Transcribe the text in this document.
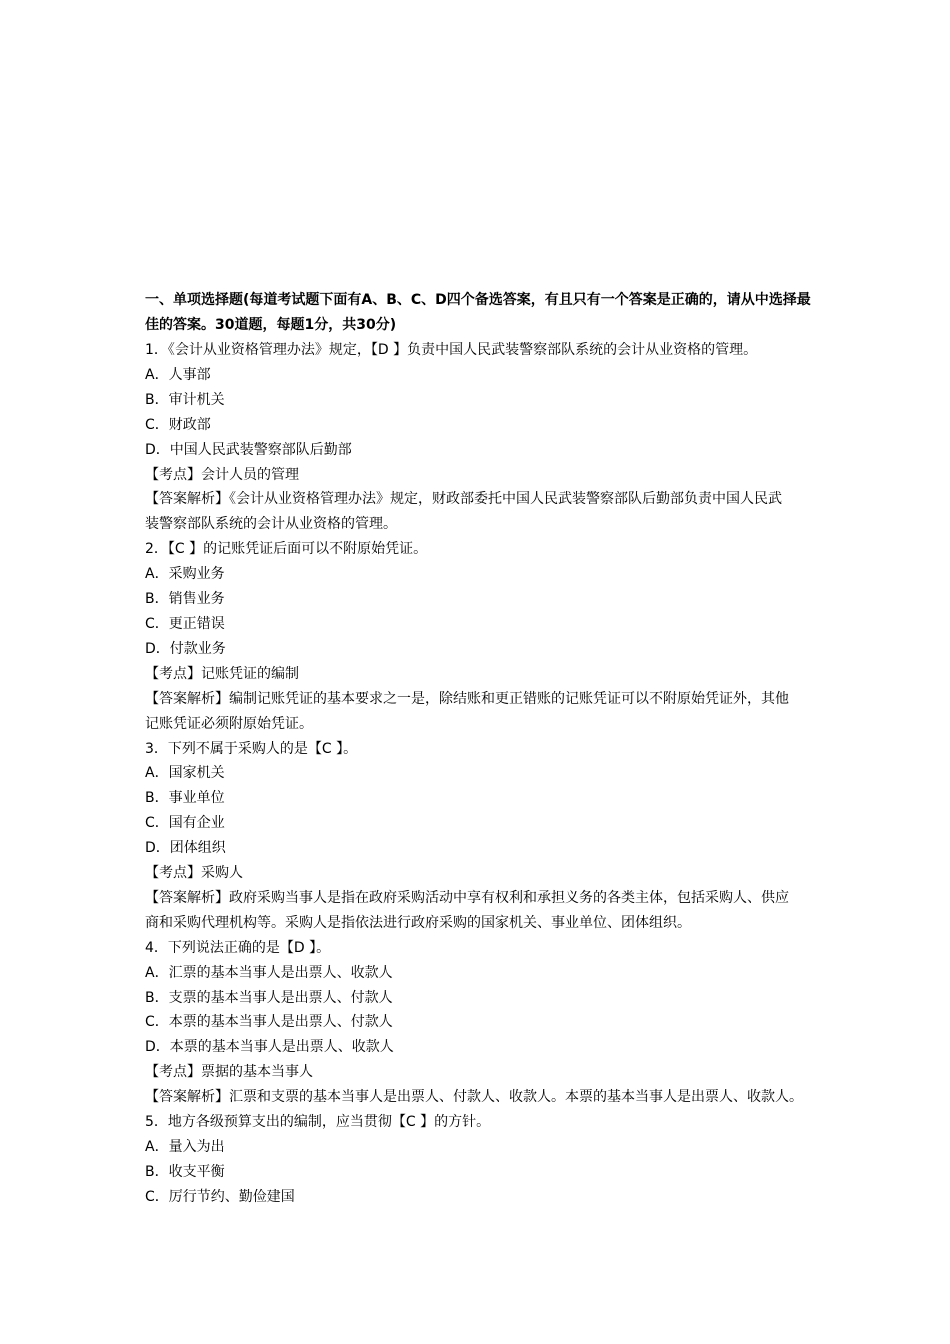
一、单项选择题(每道考试题下面有A、B、C、D四个备选答案，有且只有一个答案是正确的，请从中选择最佳的答案。30道题，每题1分，共30分)

1．《会计从业资格管理办法》规定，【D 】负责中国人民武装警察部队系统的会计从业资格的管理。

A．人事部

B．审计机关

C．财政部

D．中国人民武装警察部队后勤部

【考点】会计人员的管理

【答案解析】《会计从业资格管理办法》规定，财政部委托中国人民武装警察部队后勤部负责中国人民武

装警察部队系统的会计从业资格的管理。

2．【C 】的记账凭证后面可以不附原始凭证。

A．采购业务

B．销售业务

C．更正错误

D．付款业务

【考点】记账凭证的编制

【答案解析】编制记账凭证的基本要求之一是，除结账和更正错账的记账凭证可以不附原始凭证外，其他

记账凭证必须附原始凭证。

3．下列不属于采购人的是【C 】。

A．国家机关

B．事业单位

C．国有企业

D．团体组织

【考点】采购人

【答案解析】政府采购当事人是指在政府采购活动中享有权利和承担义务的各类主体，包括采购人、供应

商和采购代理机构等。采购人是指依法进行政府采购的国家机关、事业单位、团体组织。

4．下列说法正确的是【D 】。

A．汇票的基本当事人是出票人、收款人

B．支票的基本当事人是出票人、付款人

C．本票的基本当事人是出票人、付款人

D．本票的基本当事人是出票人、收款人

【考点】票据的基本当事人

【答案解析】汇票和支票的基本当事人是出票人、付款人、收款人。本票的基本当事人是出票人、收款人。

5．地方各级预算支出的编制，应当贯彻【C 】的方针。

A．量入为出

B．收支平衡

C．厉行节约、勤俭建国
